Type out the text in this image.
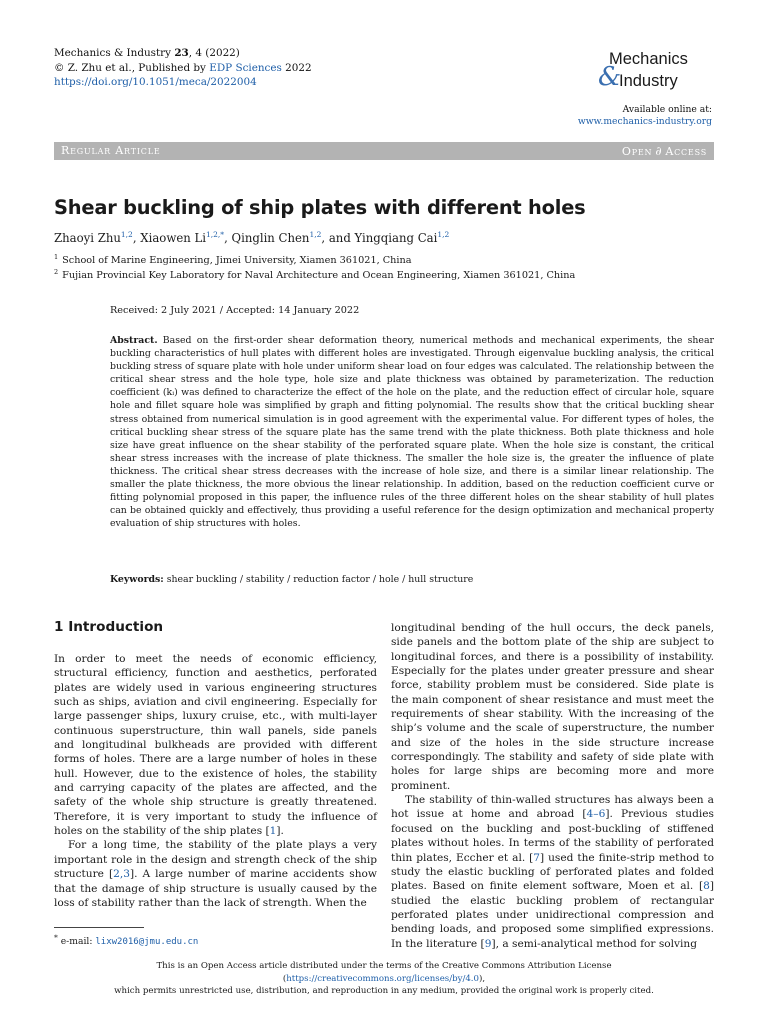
Mechanics & Industry 23, 4 (2022)
© Z. Zhu et al., Published by EDP Sciences 2022
https://doi.org/10.1051/meca/2022004	&
Mechanics
Industry
Available online at:
www.mechanics-industry.org
Regular Article	Open ∂ Access
Shear buckling of ship plates with different holes
Zhaoyi Zhu$^{1,2}$, Xiaowen $Li^{1,2,*}$, Qinglin Chen$^{1,2}$, and Yingqiang Cai$^{1,2}$
$^1$ School of Marine Engineering, Jimei University, Xiamen 361021, China
$^2$ Fujian Provincial Key Laboratory for Naval Architecture and Ocean Engineering, Xiamen 361021, China
Received: 2 July 2021 / Accepted: 14 January 2022
Abstract. Based on the first-order shear deformation theory, numerical methods and mechanical experiments, the shear buckling characteristics of hull plates with different holes are investigated. Through eigenvalue buckling analysis, the critical buckling stress of square plate with hole under uniform shear load on four edges was calculated. The relationship between the critical shear stress and the hole type, hole size and plate thickness was obtained by parameterization. The reduction coefficient (kᵢ) was defined to characterize the effect of the hole on the plate, and the reduction effect of circular hole, square hole and fillet square hole was simplified by graph and fitting polynomial. The results show that the critical buckling shear stress obtained from numerical simulation is in good agreement with the experimental value. For different types of holes, the critical buckling shear stress of the square plate has the same trend with the plate thickness. Both plate thickness and hole size have great influence on the shear stability of the perforated square plate. When the hole size is constant, the critical shear stress increases with the increase of plate thickness. The smaller the hole size is, the greater the influence of plate thickness. The critical shear stress decreases with the increase of hole size, and there is a similar linear relationship. The smaller the plate thickness, the more obvious the linear relationship. In addition, based on the reduction coefficient curve or fitting polynomial proposed in this paper, the influence rules of the three different holes on the shear stability of hull plates can be obtained quickly and effectively, thus providing a useful reference for the design optimization and mechanical property evaluation of ship structures with holes.
Keywords: shear buckling / stability / reduction factor / hole / hull structure
1 Introduction

In order to meet the needs of economic efficiency, structural efficiency, function and aesthetics, perforated plates are widely used in various engineering structures such as ships, aviation and civil engineering. Especially for large passenger ships, luxury cruise, etc., with multi-layer continuous superstructure, thin wall panels, side panels and longitudinal bulkheads are provided with different forms of holes. There are a large number of holes in these hull. However, due to the existence of holes, the stability and carrying capacity of the plates are affected, and the safety of the whole ship structure is greatly threatened. Therefore, it is very important to study the influence of holes on the stability of the ship plates [1].

For a long time, the stability of the plate plays a very important role in the design and strength check of the ship structure [2,3]. A large number of marine accidents show that the damage of ship structure is usually caused by the loss of stability rather than the lack of strength. When the

longitudinal bending of the hull occurs, the deck panels, side panels and the bottom plate of the ship are subject to longitudinal forces, and there is a possibility of instability. Especially for the plates under greater pressure and shear force, stability problem must be considered. Side plate is the main component of shear resistance and must meet the requirements of shear stability. With the increasing of the ship’s volume and the scale of superstructure, the number and size of the holes in the side structure increase correspondingly. The stability and safety of side plate with holes for large ships are becoming more and more prominent.

The stability of thin-walled structures has always been a hot issue at home and abroad [4–6]. Previous studies focused on the buckling and post-buckling of stiffened plates without holes. In terms of the stability of perforated thin plates, Eccher et al. [7] used the finite-strip method to study the elastic buckling of perforated plates and folded plates. Based on finite element software, Moen et al. [8] studied the elastic buckling problem of rectangular perforated plates under unidirectional compression and bending loads, and proposed some simplified expressions. In the literature [9], a semi-analytical method for solving

* e-mail: lixw2016@jmu.edu.cn
This is an Open Access article distributed under the terms of the Creative Commons Attribution License (https://creativecommons.org/licenses/by/4.0),
which permits unrestricted use, distribution, and reproduction in any medium, provided the original work is properly cited.
